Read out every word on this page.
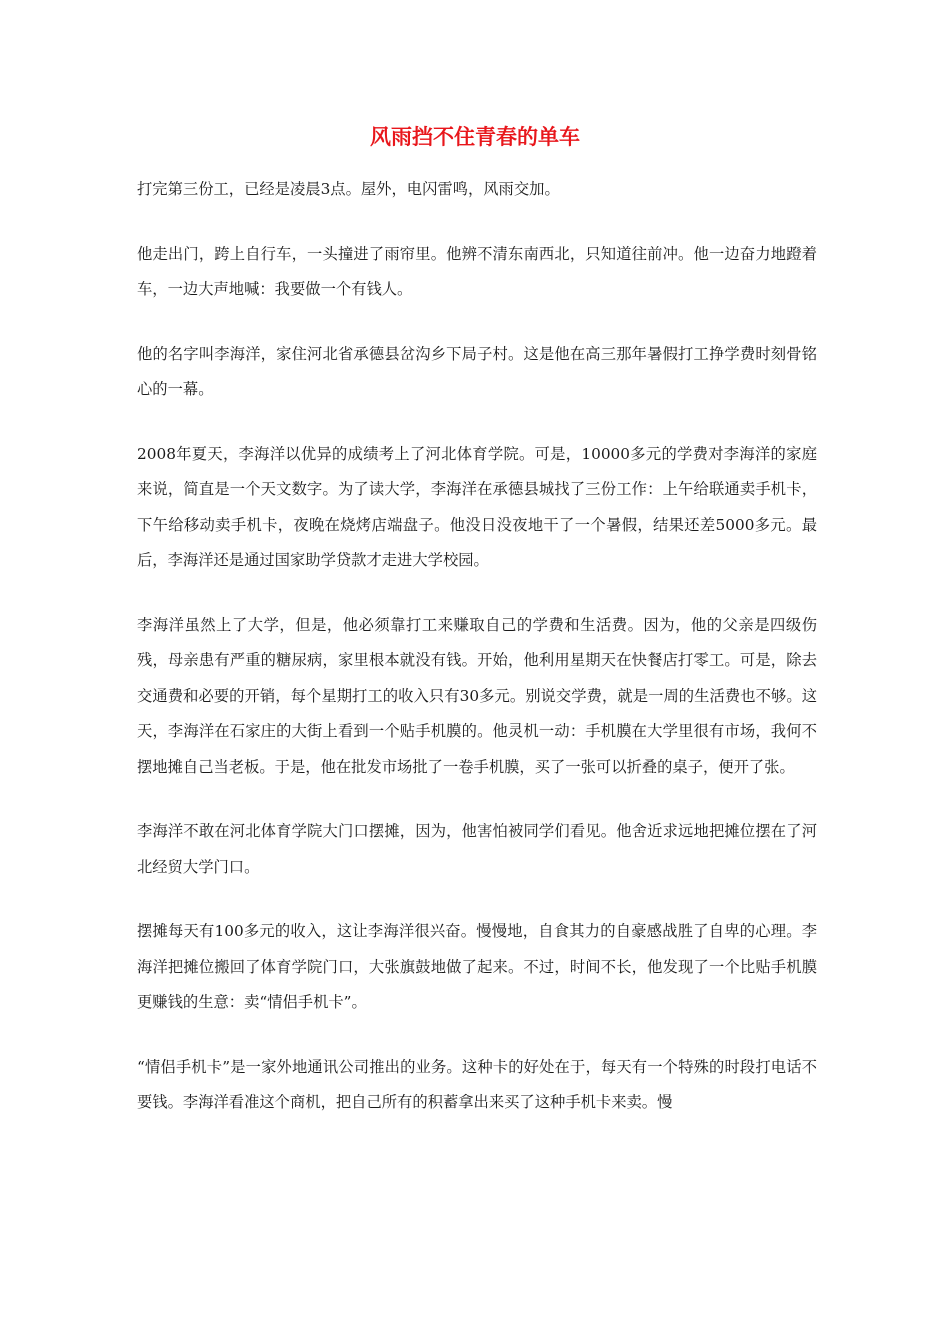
风雨挡不住青春的单车

打完第三份工，已经是凌晨3点。屋外，电闪雷鸣，风雨交加。

他走出门，跨上自行车，一头撞进了雨帘里。他辨不清东南西北，只知道往前冲。他一边奋力地蹬着车，一边大声地喊：我要做一个有钱人。

他的名字叫李海洋，家住河北省承德县岔沟乡下局子村。这是他在高三那年暑假打工挣学费时刻骨铭心的一幕。

2008年夏天，李海洋以优异的成绩考上了河北体育学院。可是，10000多元的学费对李海洋的家庭来说，简直是一个天文数字。为了读大学，李海洋在承德县城找了三份工作：上午给联通卖手机卡，下午给移动卖手机卡，夜晚在烧烤店端盘子。他没日没夜地干了一个暑假，结果还差5000多元。最后，李海洋还是通过国家助学贷款才走进大学校园。

李海洋虽然上了大学，但是，他必须靠打工来赚取自己的学费和生活费。因为，他的父亲是四级伤残，母亲患有严重的糖尿病，家里根本就没有钱。开始，他利用星期天在快餐店打零工。可是，除去交通费和必要的开销，每个星期打工的收入只有30多元。别说交学费，就是一周的生活费也不够。这天，李海洋在石家庄的大街上看到一个贴手机膜的。他灵机一动：手机膜在大学里很有市场，我何不摆地摊自己当老板。于是，他在批发市场批了一卷手机膜，买了一张可以折叠的桌子，便开了张。

李海洋不敢在河北体育学院大门口摆摊，因为，他害怕被同学们看见。他舍近求远地把摊位摆在了河北经贸大学门口。

摆摊每天有100多元的收入，这让李海洋很兴奋。慢慢地，自食其力的自豪感战胜了自卑的心理。李海洋把摊位搬回了体育学院门口，大张旗鼓地做了起来。不过，时间不长，他发现了一个比贴手机膜更赚钱的生意：卖“情侣手机卡”。

“情侣手机卡”是一家外地通讯公司推出的业务。这种卡的好处在于，每天有一个特殊的时段打电话不要钱。李海洋看准这个商机，把自己所有的积蓄拿出来买了这种手机卡来卖。慢
